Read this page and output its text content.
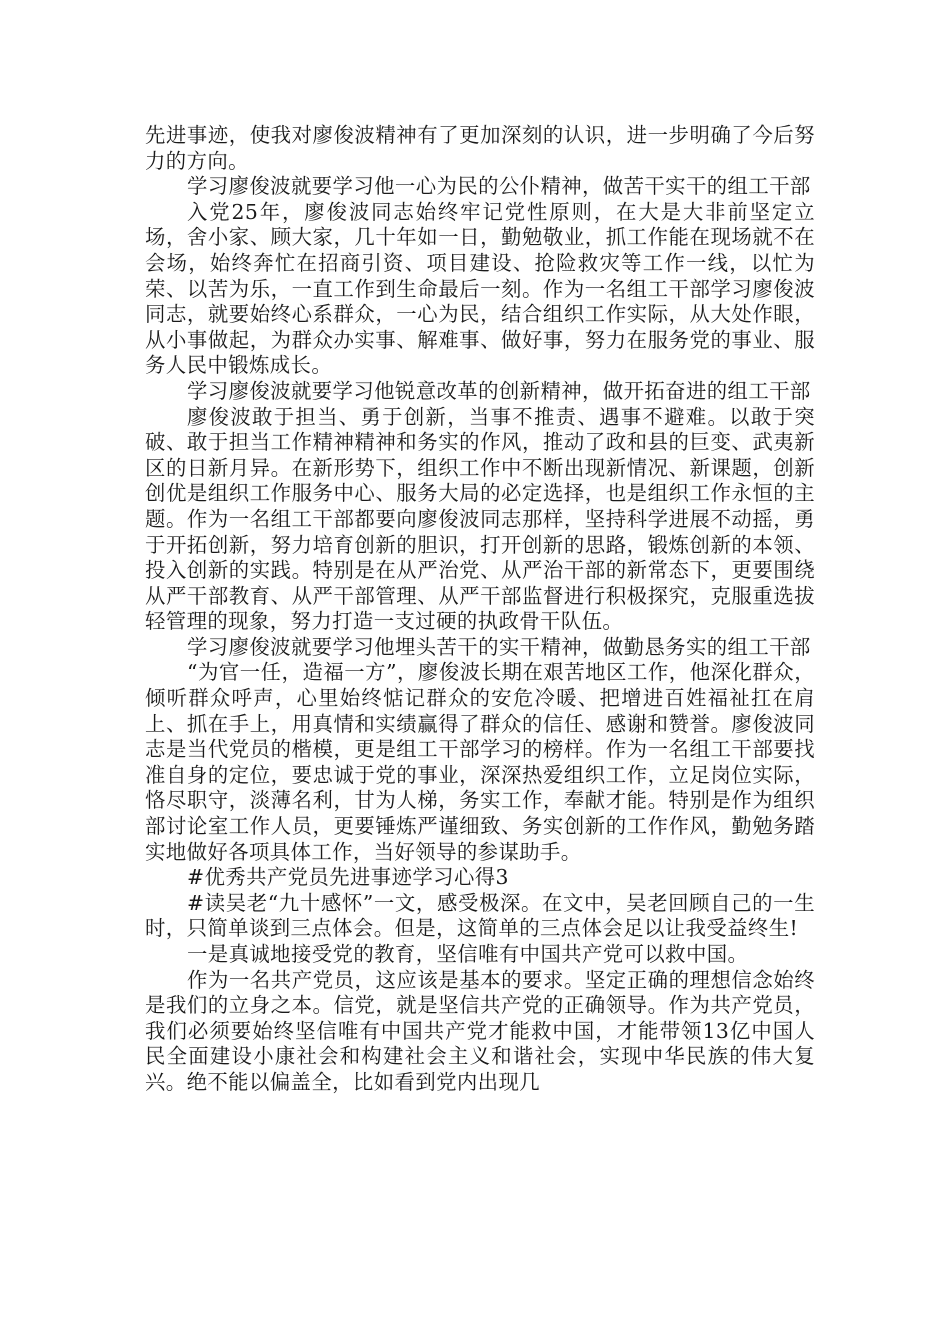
先进事迹，使我对廖俊波精神有了更加深刻的认识，进一步明确了今后努力的方向。

学习廖俊波就要学习他一心为民的公仆精神，做苦干实干的组工干部

入党25年，廖俊波同志始终牢记党性原则，在大是大非前坚定立场，舍小家、顾大家，几十年如一日，勤勉敬业，抓工作能在现场就不在会场，始终奔忙在招商引资、项目建设、抢险救灾等工作一线，以忙为荣、以苦为乐，一直工作到生命最后一刻。作为一名组工干部学习廖俊波同志，就要始终心系群众，一心为民，结合组织工作实际，从大处作眼，从小事做起，为群众办实事、解难事、做好事，努力在服务党的事业、服务人民中锻炼成长。

学习廖俊波就要学习他锐意改革的创新精神，做开拓奋进的组工干部

廖俊波敢于担当、勇于创新，当事不推责、遇事不避难。以敢于突破、敢于担当工作精神精神和务实的作风，推动了政和县的巨变、武夷新区的日新月异。在新形势下，组织工作中不断出现新情况、新课题，创新创优是组织工作服务中心、服务大局的必定选择，也是组织工作永恒的主题。作为一名组工干部都要向廖俊波同志那样，坚持科学进展不动摇，勇于开拓创新，努力培育创新的胆识，打开创新的思路，锻炼创新的本领、投入创新的实践。特别是在从严治党、从严治干部的新常态下，更要围绕从严干部教育、从严干部管理、从严干部监督进行积极探究，克服重选拔轻管理的现象，努力打造一支过硬的执政骨干队伍。

学习廖俊波就要学习他埋头苦干的实干精神，做勤恳务实的组工干部

“为官一任，造福一方”，廖俊波长期在艰苦地区工作，他深化群众，倾听群众呼声，心里始终惦记群众的安危冷暖、把增进百姓福祉扛在肩上、抓在手上，用真情和实绩赢得了群众的信任、感谢和赞誉。廖俊波同志是当代党员的楷模，更是组工干部学习的榜样。作为一名组工干部要找准自身的定位，要忠诚于党的事业，深深热爱组织工作，立足岗位实际，恪尽职守，淡薄名利，甘为人梯，务实工作，奉献才能。特别是作为组织部讨论室工作人员，更要锤炼严谨细致、务实创新的工作作风，勤勉务踏实地做好各项具体工作，当好领导的参谋助手。

#优秀共产党员先进事迹学习心得3

#读吴老“九十感怀”一文，感受极深。在文中，吴老回顾自己的一生时，只简单谈到三点体会。但是，这简单的三点体会足以让我受益终生!

一是真诚地接受党的教育，坚信唯有中国共产党可以救中国。

作为一名共产党员，这应该是基本的要求。坚定正确的理想信念始终是我们的立身之本。信党，就是坚信共产党的正确领导。作为共产党员，我们必须要始终坚信唯有中国共产党才能救中国，才能带领13亿中国人民全面建设小康社会和构建社会主义和谐社会，实现中华民族的伟大复兴。绝不能以偏盖全，比如看到党内出现几
